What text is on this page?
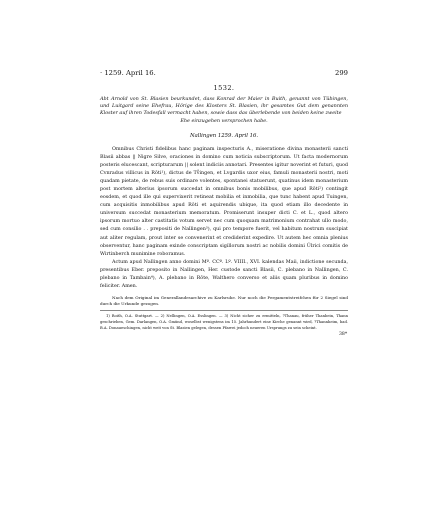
· 1259. April 16.	299
1532.
Abt Arnold von St. Blasien beurkundet, dass Konrad der Maier in Buith, genannt von Tübingen, und Luitgard seine Ehefrau, Hörige des Klosters St. Blasien, ihr gesamtes Gut dem genannten Kloster auf ihren Todesfall vermacht haben, sowie dass das überlebende von beiden keine zweite
Ehe einzugehen versprochen habe.
Nallingen 1259. April 16.

Omnibus Christi fidelibus hanc paginam inspecturis A., miseratione divina monasterii sancti Blasii abbas || Nigre Silve, oraciones in domino cum noticia subscriptorum. Ut facta modernorum posteris elucescant, scripturarum || solent indiciis annotari. Presentes igitur noverint et futuri, quod Cvnradus villicus in Rŏti¹), dictus de Tv̊ingen, et Lvgardis uxor eius, famuli monasterii nostri, moti quadam pietate, de rebus suis ordinare volentes, spontanei statuerunt, quatinus idem monasterium post mortem alterius ipsorum succedat in omnibus bonis mobilibus, que apud Rŏti²) contingit eosdem, et quod ille qui supervixerit retineat mobilia et inmobilia, que tunc habent apud Tuingen, cum acquisitis inmobilibus apud Rŏti et aquirendis ubique, ita quod etiam illo decedente in universum succedat monasterium memoratum. Promiserunt insuper dicti C. et L., quod altero ipsorum mortuo alter castitatis votum servet nec cum quoquam matrimonium contrahat ullo modo, sed cum consilio . . prepositi de Nallingen³), qui pro tempore fuerit, vel habitum nostrum suscipiat aut aliter regulam, prout inter se convenerint et crediderint expedire. Ut autem hec omnia plenius observentur, hanc paginam exinde conscriptam sigillorum nostri ac nobilis domini Ŭlrici comitis de Wirtinberch munimine roboramus.

Actum apud Nallingen anno domini Mº. CCº. Lº. VIIII., XVI. kalendas Maii, indictione secunda, presentibus Eber. preposito in Nallingen, Her. custode sancti Blasii, C. plebano in Nallingen, C. plebano in Tambain⁴), A. plebano in Rŏte, Walthero converso et aliis quam pluribus in domino feliciter. Amen.

Nach dem Original im Generallandesarchive zu Karlsruhe. Nur noch die Pergamentstreifchen für 2 Siegel sind durch die Urkunde gezogen.
1) Roith, O.A. Stuttgart. — 2) Nellingen, O.A. Esslingen. — 3) Nicht sicher zu ermitteln, ?Thanau, früher Thanbein, Thann geschrieben, Gem. Darlangen, O.A. Gmünd, woselbst wenigstens im 15. Jahrhundert eine Kirche genannt wird, ?Thannheim, bad. B.A. Donaueschingen, nicht weit von St. Blasien gelegen, dessen Pfarrei jedoch neueren Ursprungs zu sein scheint.
38*
